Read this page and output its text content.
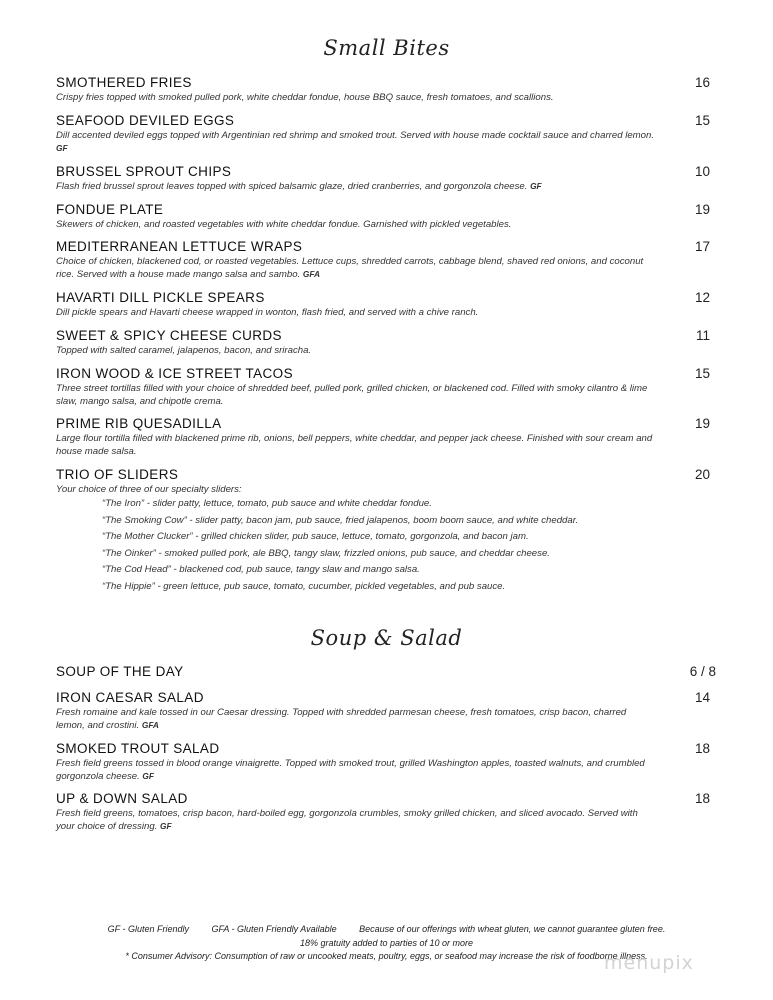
Small Bites
SMOTHERED FRIES	16
Crispy fries topped with smoked pulled pork, white cheddar fondue, house BBQ sauce, fresh tomatoes, and scallions.
SEAFOOD DEVILED EGGS	15
Dill accented deviled eggs topped with Argentinian red shrimp and smoked trout. Served with house made cocktail sauce and charred lemon. GF
BRUSSEL SPROUT CHIPS	10
Flash fried brussel sprout leaves topped with spiced balsamic glaze, dried cranberries, and gorgonzola cheese. GF
FONDUE PLATE	19
Skewers of chicken, and roasted vegetables with white cheddar fondue. Garnished with pickled vegetables.
MEDITERRANEAN LETTUCE WRAPS	17
Choice of chicken, blackened cod, or roasted vegetables. Lettuce cups, shredded carrots, cabbage blend, shaved red onions, and coconut rice. Served with a house made mango salsa and sambo. GFA
HAVARTI DILL PICKLE SPEARS	12
Dill pickle spears and Havarti cheese wrapped in wonton, flash fried, and served with a chive ranch.
SWEET & SPICY CHEESE CURDS	11
Topped with salted caramel, jalapenos, bacon, and sriracha.
IRON WOOD & ICE STREET TACOS	15
Three street tortillas filled with your choice of shredded beef, pulled pork, grilled chicken, or blackened cod. Filled with smoky cilantro & lime slaw, mango salsa, and chipotle crema.
PRIME RIB QUESADILLA	19
Large flour tortilla filled with blackened prime rib, onions, bell peppers, white cheddar, and pepper jack cheese. Finished with sour cream and house made salsa.
TRIO OF SLIDERS	20
Your choice of three of our specialty sliders:
“The Iron” - slider patty, lettuce, tomato, pub sauce and white cheddar fondue.
“The Smoking Cow” - slider patty, bacon jam, pub sauce, fried jalapenos, boom boom sauce, and white cheddar.
“The Mother Clucker” - grilled chicken slider, pub sauce, lettuce, tomato, gorgonzola, and bacon jam.
“The Oinker” - smoked pulled pork, ale BBQ, tangy slaw, frizzled onions, pub sauce, and cheddar cheese.
“The Cod Head” - blackened cod, pub sauce, tangy slaw and mango salsa.
“The Hippie” - green lettuce, pub sauce, tomato, cucumber, pickled vegetables, and pub sauce.
Soup & Salad
SOUP OF THE DAY	6 / 8
IRON CAESAR SALAD	14
Fresh romaine and kale tossed in our Caesar dressing. Topped with shredded parmesan cheese, fresh tomatoes, crisp bacon, charred lemon, and crostini. GFA
SMOKED TROUT SALAD	18
Fresh field greens tossed in blood orange vinaigrette. Topped with smoked trout, grilled Washington apples, toasted walnuts, and crumbled gorgonzola cheese. GF
UP & DOWN SALAD	18
Fresh field greens, tomatoes, crisp bacon, hard-boiled egg, gorgonzola crumbles, smoky grilled chicken, and sliced avocado. Served with your choice of dressing. GF
GF - Gluten Friendly	GFA - Gluten Friendly Available	Because of our offerings with wheat gluten, we cannot guarantee gluten free.
18% gratuity added to parties of 10 or more
* Consumer Advisory: Consumption of raw or uncooked meats, poultry, eggs, or seafood may increase the risk of foodborne illness.
menupix
